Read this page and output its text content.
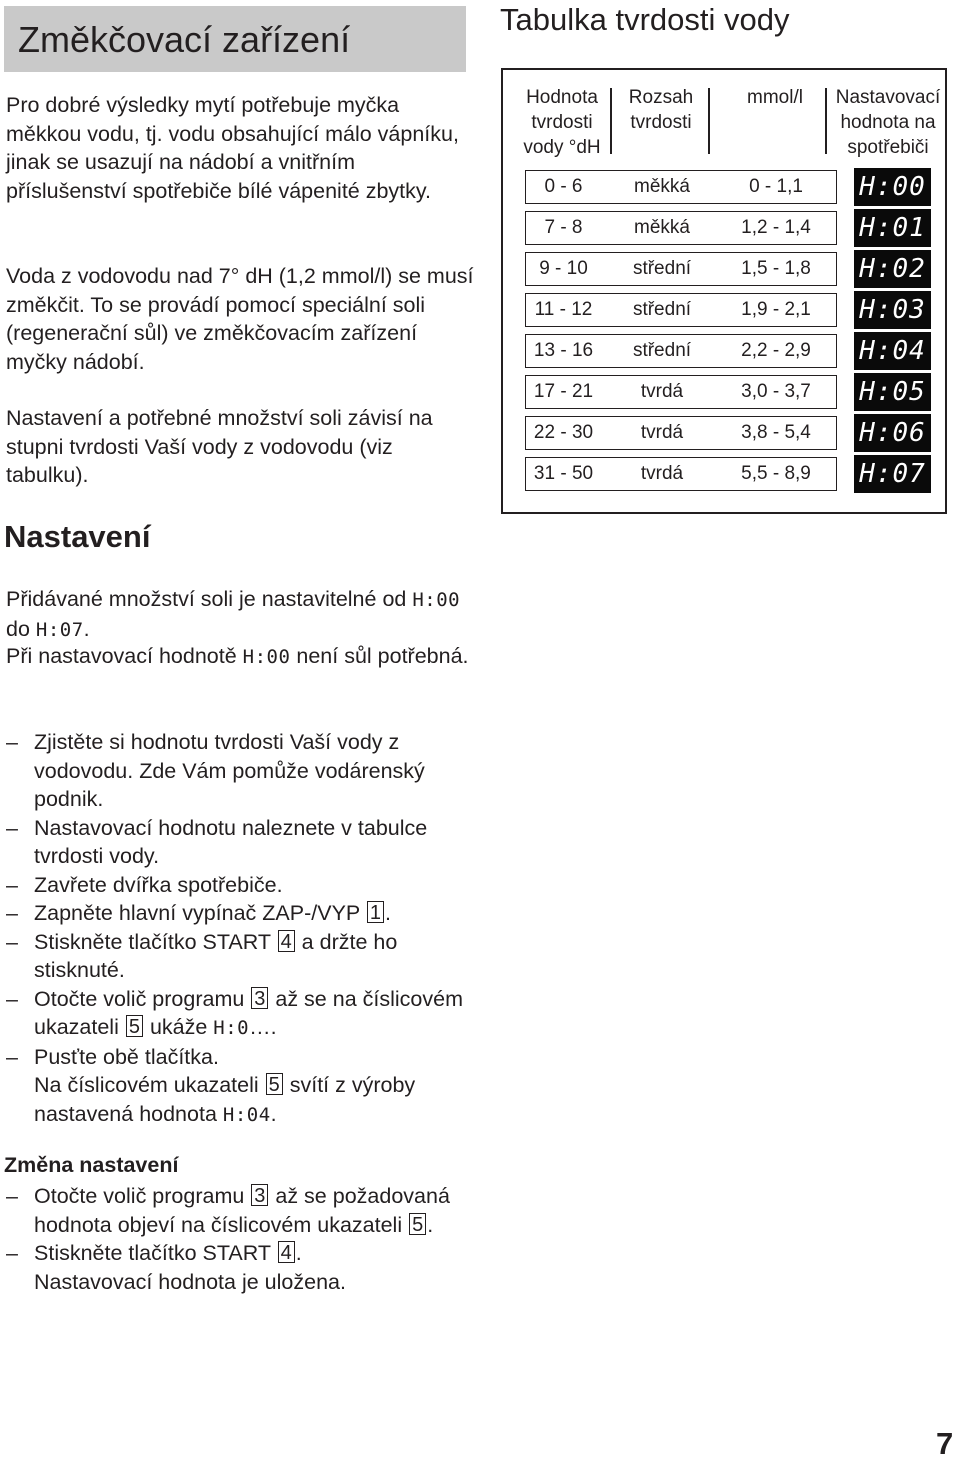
Změkčovací zařízení

Pro dobré výsledky mytí potřebuje myčka měkkou vodu, tj. vodu obsahující málo vápníku, jinak se usazují na nádobí a vnitřním příslušenství spotřebiče bílé vápenité zbytky.

Voda z vodovodu nad 7° dH (1,2 mmol/l) se musí změkčit. To se provádí pomocí speciální soli (regenerační sůl) ve změkčovacím zařízení myčky nádobí.

Nastavení a potřebné množství soli závisí na stupni tvrdosti Vaší vody z vodovodu (viz tabulku).

Tabulka tvrdosti vody
Hodnota tvrdosti vody °dH
Rozsah tvrdosti
mmol/l	Nastavovací hodnota na spotřebiči
0 - 6	měkká	0 - 1,1	H:00
7 - 8	měkká	1,2 - 1,4	H:01
9 - 10	střední	1,5 - 1,8	H:02
11 - 12	střední	1,9 - 2,1	H:03
13 - 16	střední	2,2 - 2,9	H:04
17 - 21	tvrdá	3,0 - 3,7	H:05
22 - 30	tvrdá	3,8 - 5,4	H:06
31 - 50	tvrdá	5,5 - 8,9	H:07
Nastavení

Přidávané množství soli je nastavitelné od H:00 do H:07.

Při nastavovací hodnotě H:00 není sůl potřebná.

– Zjistěte si hodnotu tvrdosti Vaší vody z vodovodu. Zde Vám pomůže vodárenský podnik.
– Nastavovací hodnotu naleznete v tabulce tvrdosti vody.
– Zavřete dvířka spotřebiče.
– Zapněte hlavní vypínač ZAP-/VYP 1 .
– Stiskněte tlačítko START 4 a držte ho stisknuté.
– Otočte volič programu 3 až se na číslicovém ukazateli 5 ukáže H:0….
– Pusťte obě tlačítka.
Na číslicovém ukazateli 5 svítí z výroby nastavená hodnota H:04.
Změna nastavení
– Otočte volič programu 3 až se požadovaná hodnota objeví na číslicovém ukazateli 5 .
– Stiskněte tlačítko START 4 .
Nastavovací hodnota je uložena.
7
